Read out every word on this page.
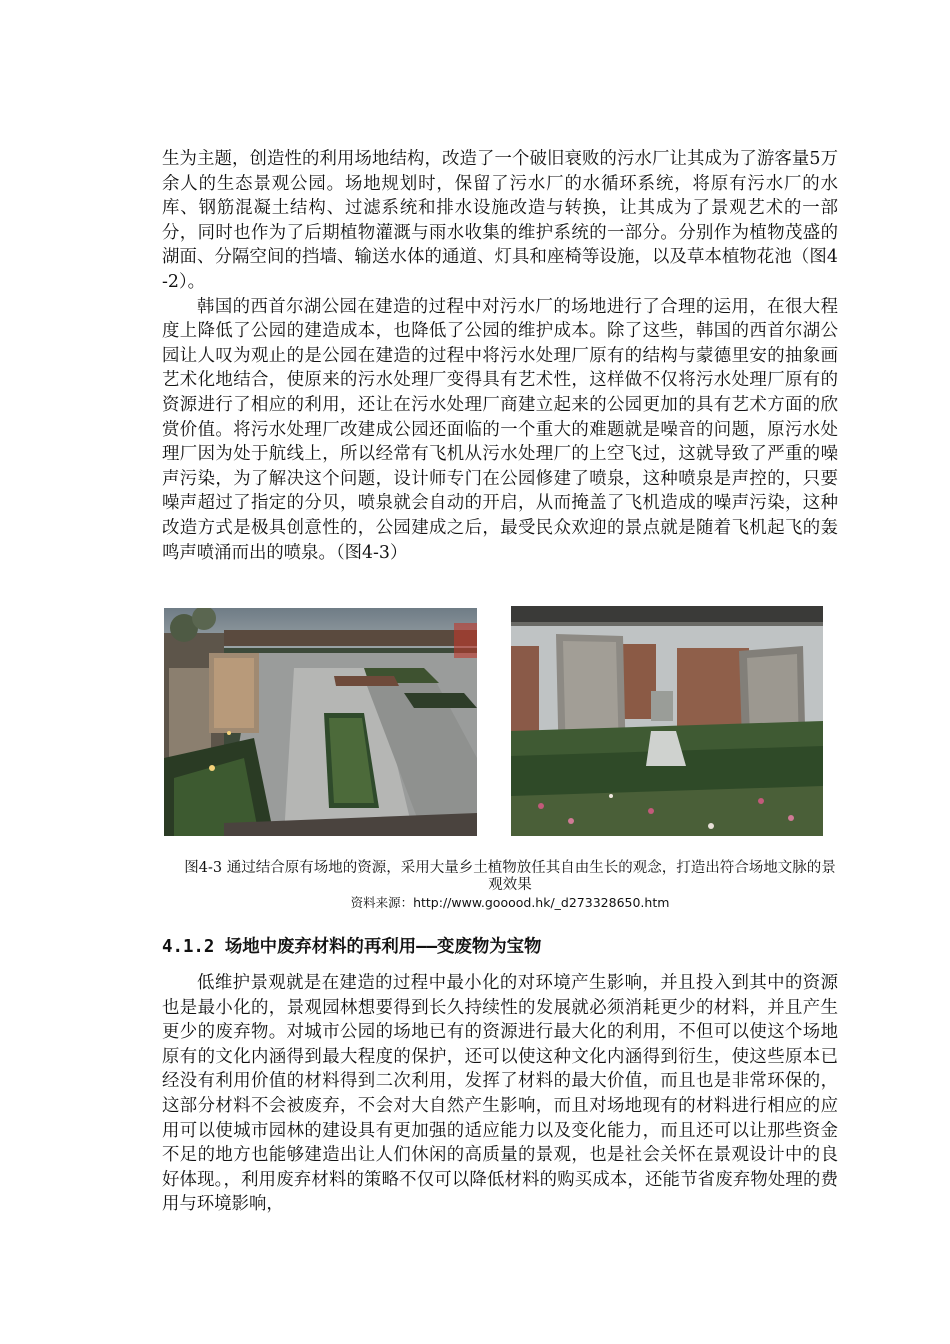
生为主题，创造性的利用场地结构，改造了一个破旧衰败的污水厂让其成为了游客量5万余人的生态景观公园。场地规划时，保留了污水厂的水循环系统，将原有污水厂的水库、钢筋混凝土结构、过滤系统和排水设施改造与转换，让其成为了景观艺术的一部分，同时也作为了后期植物灌溉与雨水收集的维护系统的一部分。分别作为植物茂盛的湖面、分隔空间的挡墙、输送水体的通道、灯具和座椅等设施，以及草本植物花池（图4-2）。

韩国的西首尔湖公园在建造的过程中对污水厂的场地进行了合理的运用，在很大程度上降低了公园的建造成本，也降低了公园的维护成本。除了这些，韩国的西首尔湖公园让人叹为观止的是公园在建造的过程中将污水处理厂原有的结构与蒙德里安的抽象画艺术化地结合，使原来的污水处理厂变得具有艺术性，这样做不仅将污水处理厂原有的资源进行了相应的利用，还让在污水处理厂商建立起来的公园更加的具有艺术方面的欣赏价值。将污水处理厂改建成公园还面临的一个重大的难题就是噪音的问题，原污水处理厂因为处于航线上，所以经常有飞机从污水处理厂的上空飞过，这就导致了严重的噪声污染，为了解决这个问题，设计师专门在公园修建了喷泉，这种喷泉是声控的，只要噪声超过了指定的分贝，喷泉就会自动的开启，从而掩盖了飞机造成的噪声污染，这种改造方式是极具创意性的，公园建成之后，最受民众欢迎的景点就是随着飞机起飞的轰鸣声喷涌而出的喷泉。（图4-3）

图4-3 通过结合原有场地的资源，采用大量乡土植物放任其自由生长的观念，打造出符合场地文脉的景观效果
资料来源：http://www.gooood.hk/_d273328650.htm
4.1.2 场地中废弃材料的再利用——变废物为宝物

低维护景观就是在建造的过程中最小化的对环境产生影响，并且投入到其中的资源也是最小化的，景观园林想要得到长久持续性的发展就必须消耗更少的材料，并且产生更少的废弃物。对城市公园的场地已有的资源进行最大化的利用，不但可以使这个场地原有的文化内涵得到最大程度的保护，还可以使这种文化内涵得到衍生，使这些原本已经没有利用价值的材料得到二次利用，发挥了材料的最大价值，而且也是非常环保的，这部分材料不会被废弃，不会对大自然产生影响，而且对场地现有的材料进行相应的应用可以使城市园林的建设具有更加强的适应能力以及变化能力，而且还可以让那些资金不足的地方也能够建造出让人们休闲的高质量的景观，也是社会关怀在景观设计中的良好体现。，利用废弃材料的策略不仅可以降低材料的购买成本，还能节省废弃物处理的费用与环境影响，
